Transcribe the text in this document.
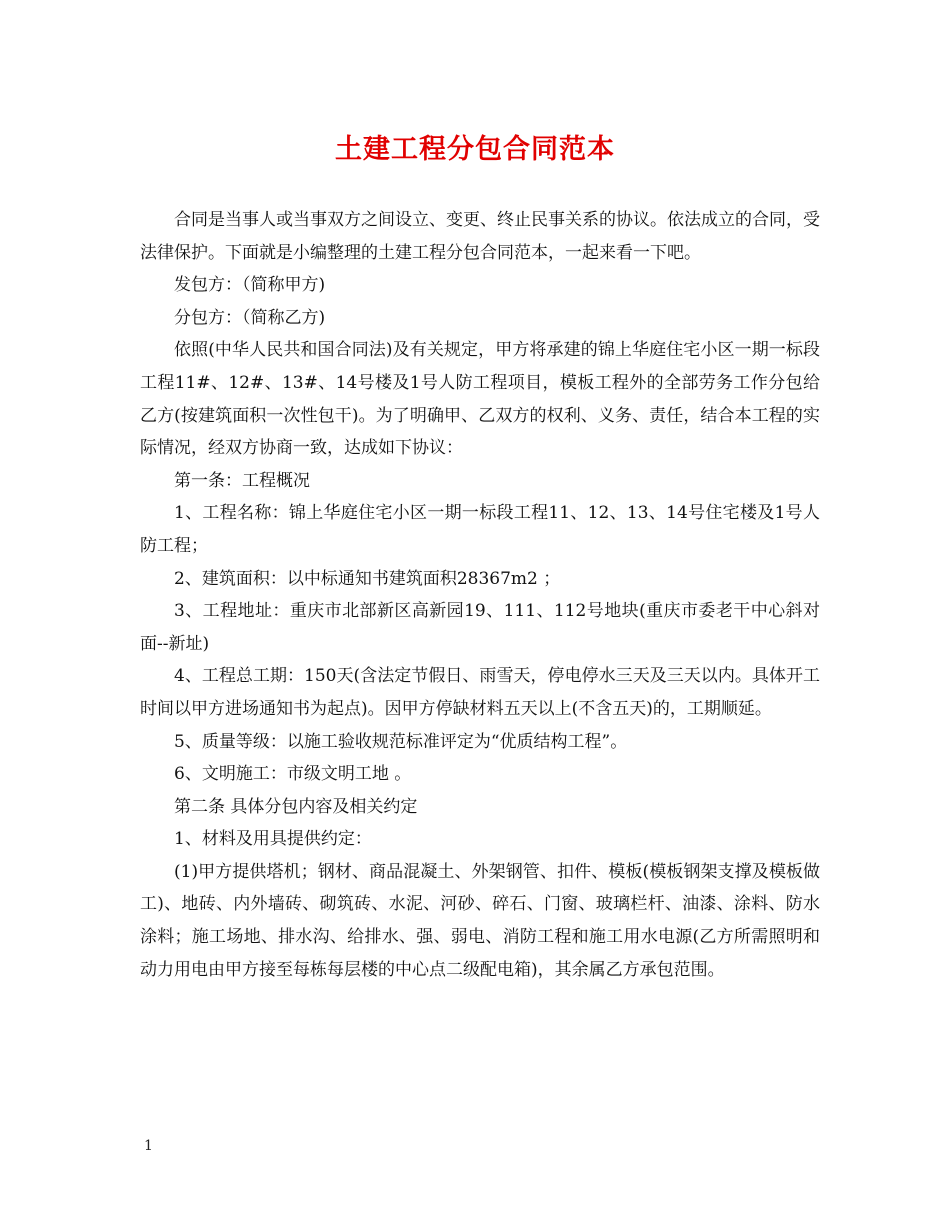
土建工程分包合同范本

合同是当事人或当事双方之间设立、变更、终止民事关系的协议。依法成立的合同，受法律保护。下面就是小编整理的土建工程分包合同范本，一起来看一下吧。

发包方：（简称甲方)

分包方：（简称乙方)

依照(中华人民共和国合同法)及有关规定，甲方将承建的锦上华庭住宅小区一期一标段工程11#、12#、13#、14号楼及1号人防工程项目，模板工程外的全部劳务工作分包给乙方(按建筑面积一次性包干)。为了明确甲、乙双方的权利、义务、责任，结合本工程的实际情况，经双方协商一致，达成如下协议：

第一条：工程概况

1、工程名称：锦上华庭住宅小区一期一标段工程11、12、13、14号住宅楼及1号人防工程；

2、建筑面积：以中标通知书建筑面积28367m2 ；

3、工程地址：重庆市北部新区高新园19、111、112号地块(重庆市委老干中心斜对面--新址)

4、工程总工期：150天(含法定节假日、雨雪天，停电停水三天及三天以内。具体开工时间以甲方进场通知书为起点)。因甲方停缺材料五天以上(不含五天)的，工期顺延。

5、质量等级：以施工验收规范标准评定为“优质结构工程”。

6、文明施工：市级文明工地 。

第二条 具体分包内容及相关约定

1、材料及用具提供约定：

(1)甲方提供塔机；钢材、商品混凝土、外架钢管、扣件、模板(模板钢架支撑及模板做工)、地砖、内外墙砖、砌筑砖、水泥、河砂、碎石、门窗、玻璃栏杆、油漆、涂料、防水涂料；施工场地、排水沟、给排水、强、弱电、消防工程和施工用水电源(乙方所需照明和动力用电由甲方接至每栋每层楼的中心点二级配电箱)，其余属乙方承包范围。

1
